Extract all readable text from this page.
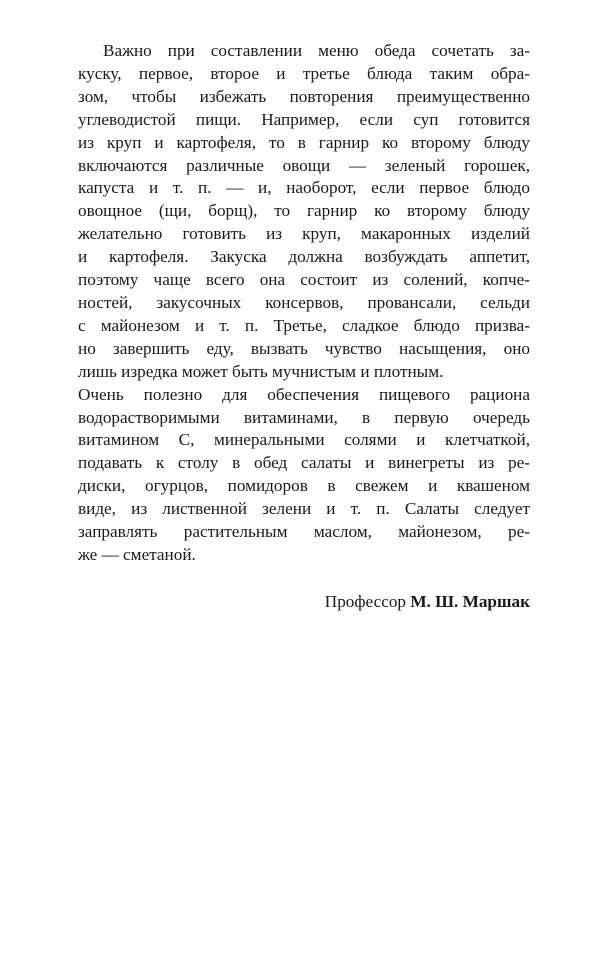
Важно при составлении меню обеда сочетать за-
куску, первое, второе и третье блюда таким обра-
зом, чтобы избежать повторения преимущественно
углеводистой пищи. Например, если суп готовится
из круп и картофеля, то в гарнир ко второму блюду
включаются различные овощи — зеленый горошек,
капуста и т. п. — и, наоборот, если первое блюдо
овощное (щи, борщ), то гарнир ко второму блюду
желательно готовить из круп, макаронных изделий
и картофеля. Закуска должна возбуждать аппетит,
поэтому чаще всего она состоит из солений, копче-
ностей, закусочных консервов, провансали, сельди
с майонезом и т. п. Третье, сладкое блюдо призва-
но завершить еду, вызвать чувство насыщения, оно
лишь изредка может быть мучнистым и плотным.
Очень полезно для обеспечения пищевого рациона
водорастворимыми витаминами, в первую очередь
витамином С, минеральными солями и клетчаткой,
подавать к столу в обед салаты и винегреты из ре-
диски, огурцов, помидоров в свежем и квашеном
виде, из лиственной зелени и т. п. Салаты следует
заправлять растительным маслом, майонезом, ре-
же — сметаной.
Профессор М. Ш. Маршак
